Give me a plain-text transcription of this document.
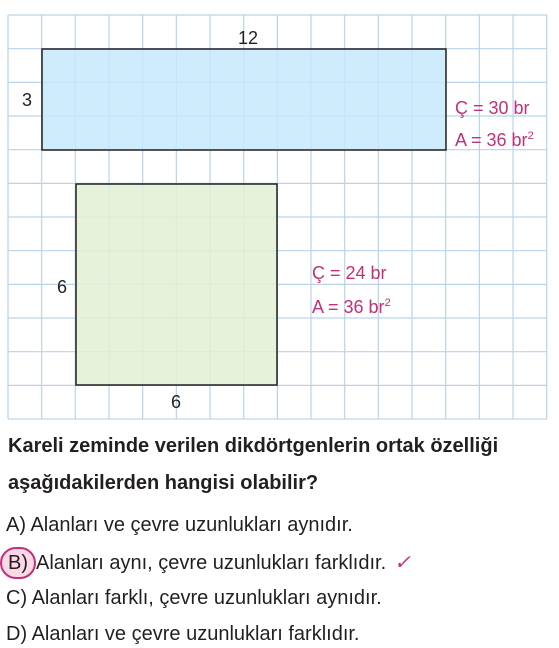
12
3	Ç = 30 br
A = 36 $br^2$
6
6
Ç = 24 br
A = 36 $br^2$
Kareli zeminde verilen dikdörtgenlerin ortak özelliği aşağıdakilerden hangisi olabilir?
A) Alanları ve çevre uzunlukları aynıdır.
B) Alanları aynı, çevre uzunlukları farklıdır. ✓
C) Alanları farklı, çevre uzunlukları aynıdır.
D) Alanları ve çevre uzunlukları farklıdır.
